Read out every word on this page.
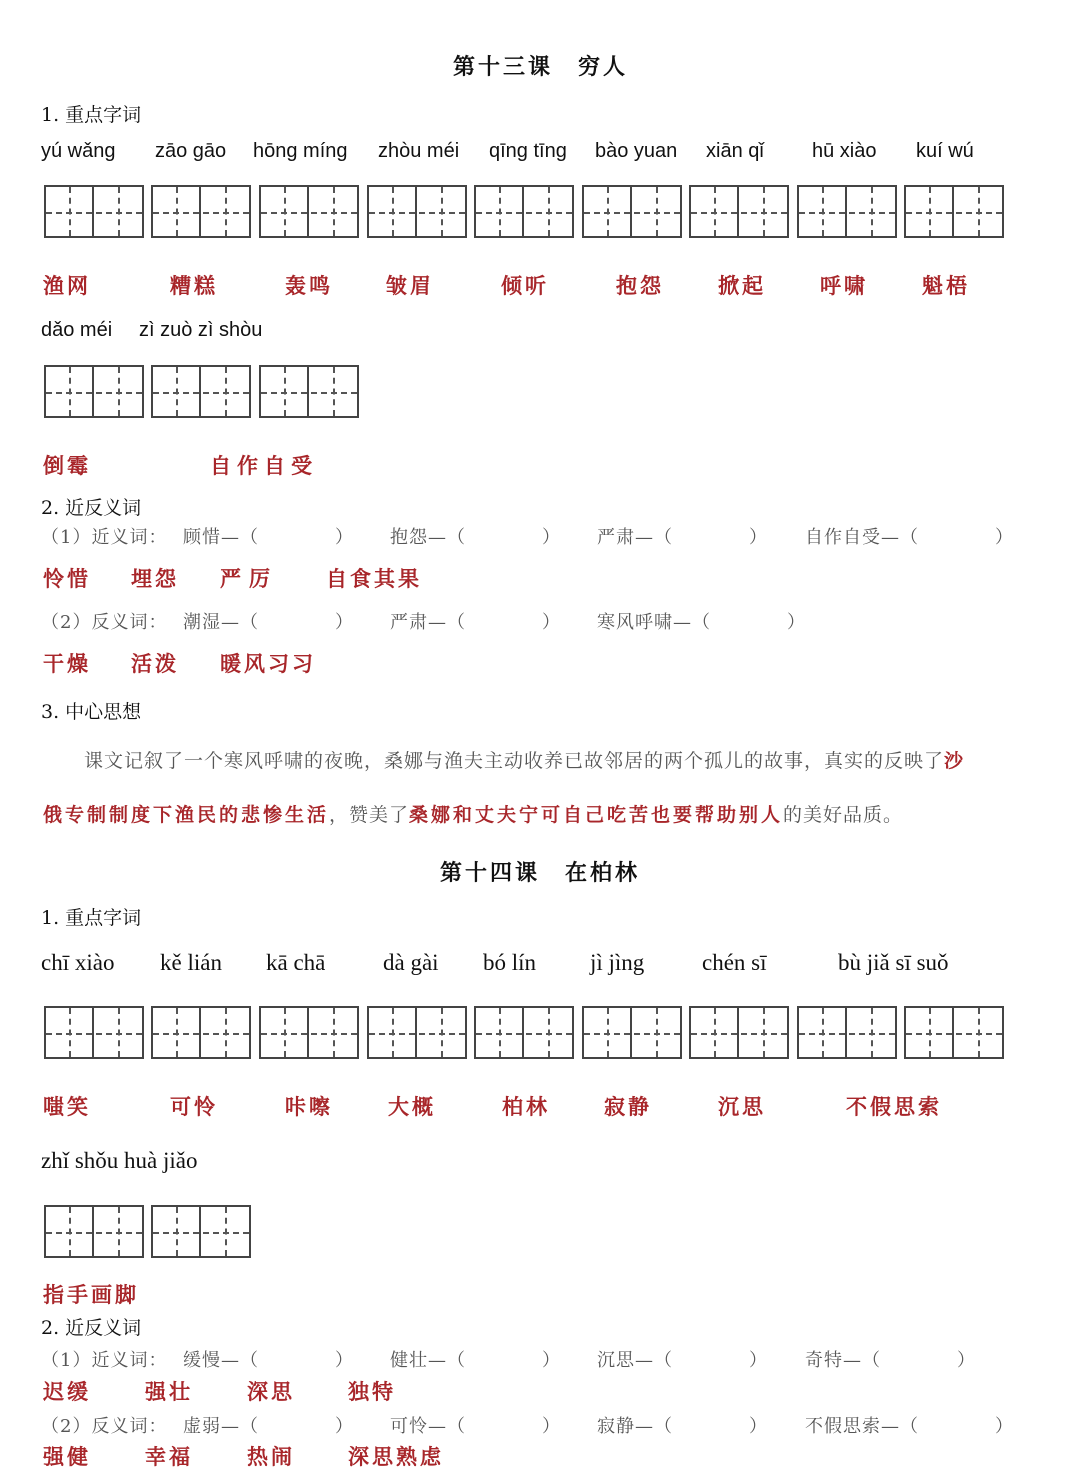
第十三课　穷人
1. 重点字词
yú wǎng zāo gāo hōng míng zhòu méi qīng tīng bào yuan xiān qǐ hū xiào kuí wú
渔网	糟糕	轰鸣	皱眉	倾听	抱怨	掀起	呼啸	魁梧
dǎo méi zì zuò zì shòu
倒霉	自作自受
2. 近反义词
（1）近义词： 顾惜—（　　　　） 抱怨—（　　　　） 严肃—（　　　　） 自作自受—（　　　　）
怜惜 埋怨 严厉 自食其果
（2）反义词： 潮湿—（　　　　） 严肃—（　　　　） 寒风呼啸—（　　　　）
干燥 活泼 暖风习习
3. 中心思想
课文记叙了一个寒风呼啸的夜晚，桑娜与渔夫主动收养已故邻居的两个孤儿的故事，真实的反映了沙
俄专制制度下渔民的悲惨生活，赞美了桑娜和丈夫宁可自己吃苦也要帮助别人的美好品质。
第十四课　在柏林
1. 重点字词
chī xiào kě lián kā chā	dà gài bó lín jì jìng	chén sī	bù jiǎ sī suǒ
嗤笑	可怜	咔嚓	大概	柏林	寂静	沉思	不假思索
zhǐ shǒu huà jiǎo
指手画脚
2. 近反义词
（1）近义词： 缓慢—（　　　　） 健壮—（　　　　） 沉思—（　　　　） 奇特—（　　　　）
迟缓	强壮	深思	独特
（2）反义词： 虚弱—（　　　　） 可怜—（　　　　） 寂静—（　　　　） 不假思索—（　　　　）
强健	幸福	热闹	深思熟虑
